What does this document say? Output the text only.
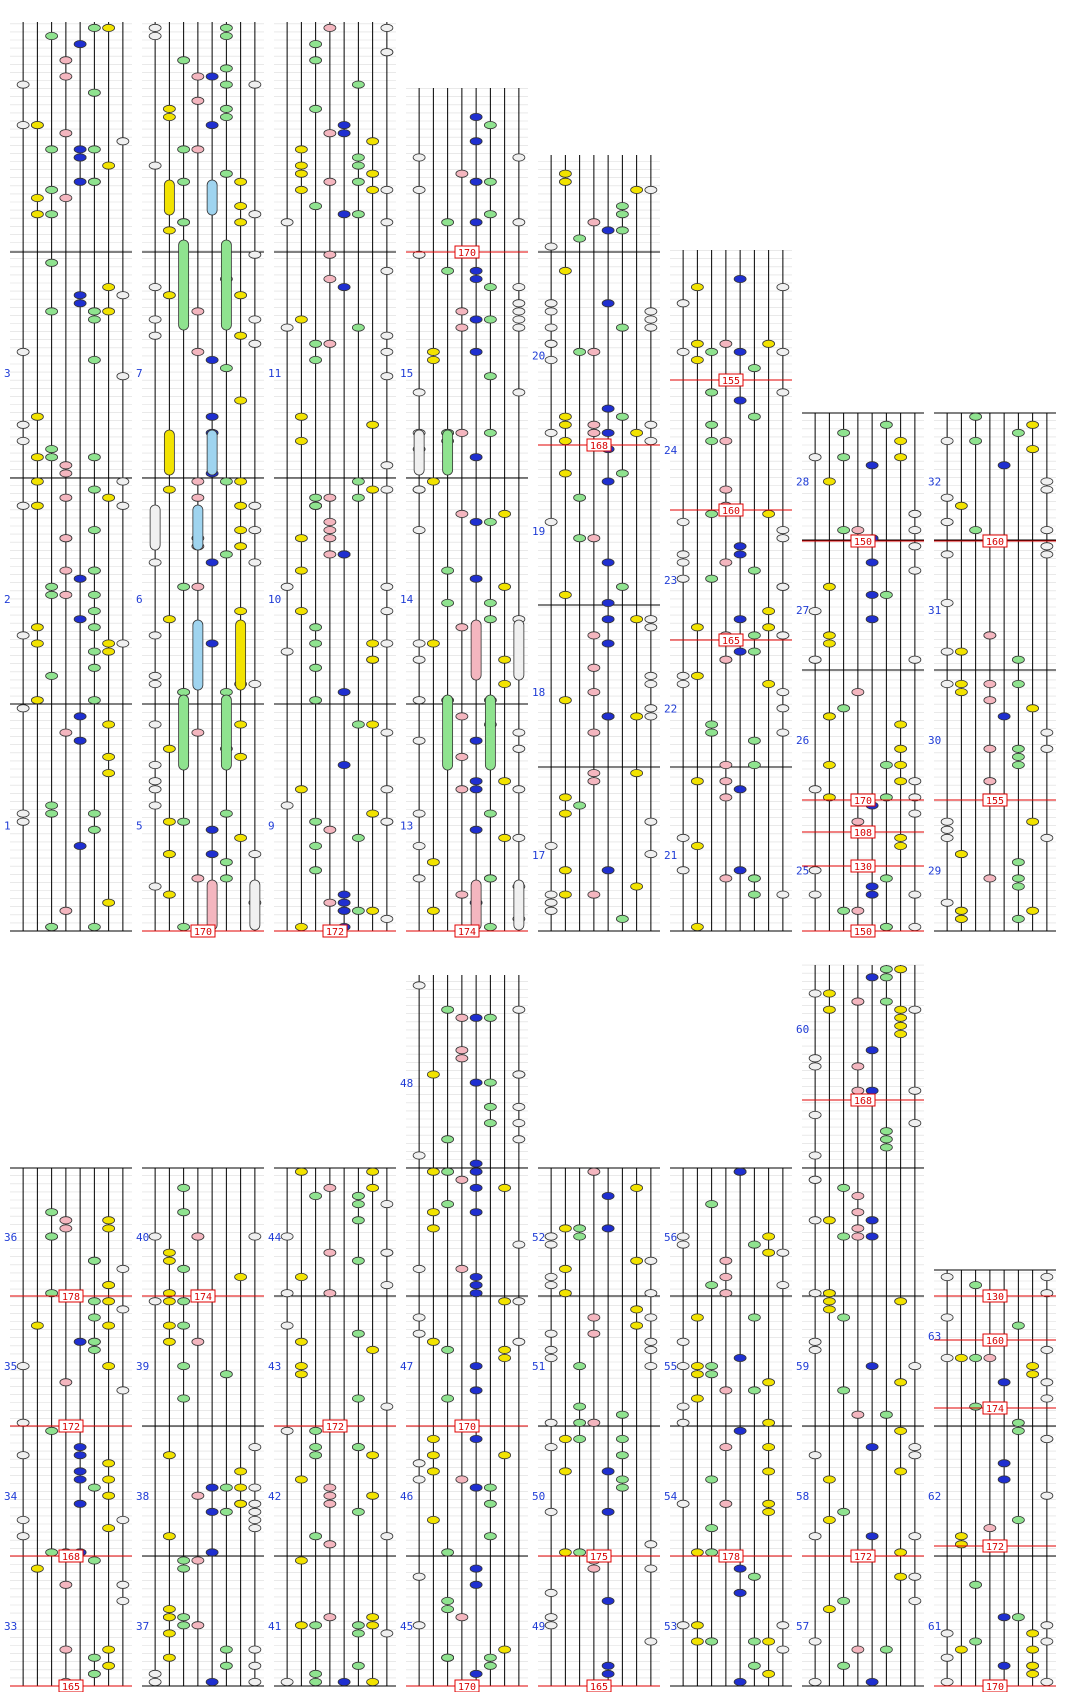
1
2
3
5
6
7
9
10
11
13
14
15
17
18
19
20
21
22
23
24
25
26
27
28
29
30
31
32
33
34
35
36
37
38
39
40
41
42
43
44
45
46
47
48
49
50
51
52
53
54
55
56
57
58
59
60
61
62
63
170	172	174
170
168
155
160
165
150
170
108
130
150
160
155
178
172
168
165
174
172	170
170
175
165
178
168
172
130
160
174
172
170
